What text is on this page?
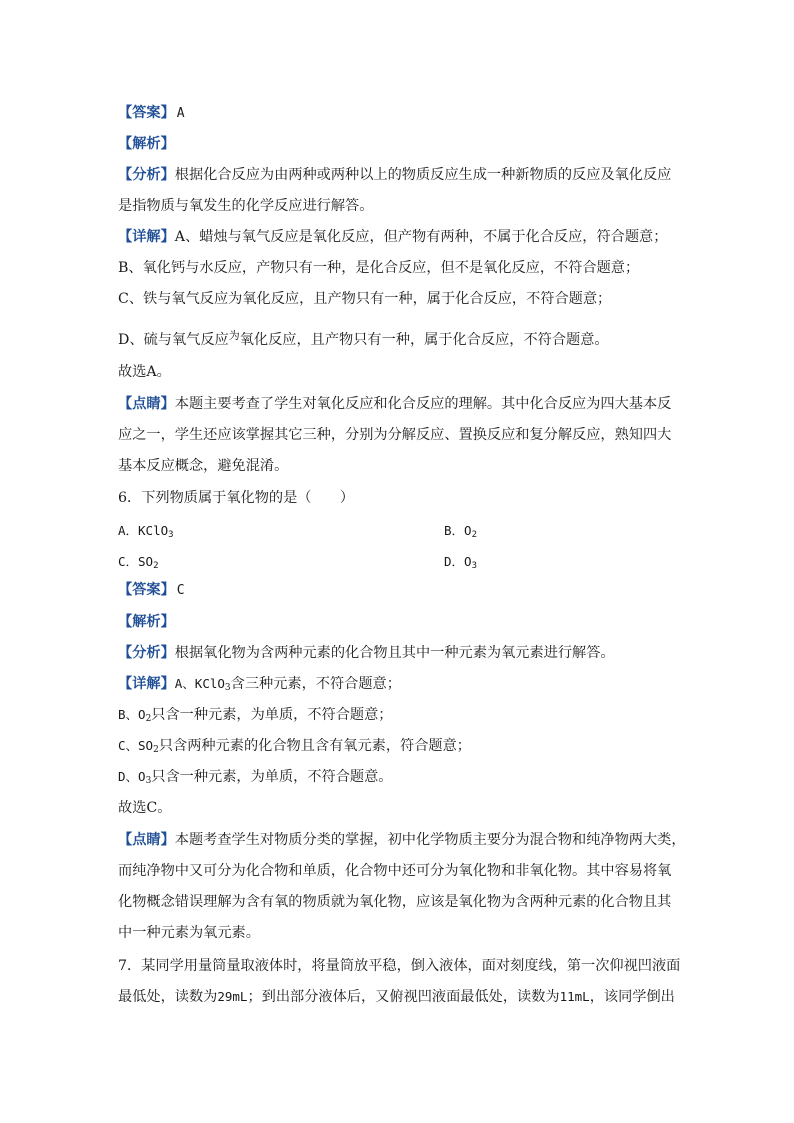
【答案】 A

【解析】

【分析】根据化合反应为由两种或两种以上的物质反应生成一种新物质的反应及氧化反应

是指物质与氧发生的化学反应进行解答。

【详解】A、蜡烛与氧气反应是氧化反应，但产物有两种，不属于化合反应，符合题意；

B、氧化钙与水反应，产物只有一种，是化合反应，但不是氧化反应，不符合题意；

C、铁与氧气反应为氧化反应，且产物只有一种，属于化合反应，不符合题意；

D、硫与氧气反应$^为$氧化反应，且产物只有一种，属于化合反应，不符合题意。

故选A。

【点睛】本题主要考查了学生对氧化反应和化合反应的理解。其中化合反应为四大基本反

应之一，学生还应该掌握其它三种，分别为分解反应、置换反应和复分解反应，熟知四大

基本反应概念，避免混淆。

6．下列物质属于氧化物的是（　　）

A．KClO$_3$	B．$O_2$
C．$SO_2$	D．$O_3$

【答案】 C

【解析】

【分析】根据氧化物为含两种元素的化合物且其中一种元素为氧元素进行解答。

【详解】A、KClO$_3$含三种元素，不符合题意；

B、$O_2$只含一种元素，为单质，不符合题意；

C、$SO_2$只含两种元素的化合物且含有氧元素，符合题意；

D、$O_3$只含一种元素，为单质，不符合题意。

故选C。

【点睛】本题考查学生对物质分类的掌握，初中化学物质主要分为混合物和纯净物两大类，

而纯净物中又可分为化合物和单质，化合物中还可分为氧化物和非氧化物。其中容易将氧

化物概念错误理解为含有氧的物质就为氧化物，应该是氧化物为含两种元素的化合物且其

中一种元素为氧元素。

7．某同学用量筒量取液体时，将量筒放平稳，倒入液体，面对刻度线，第一次仰视凹液面

最低处，读数为29mL；到出部分液体后，又俯视凹液面最低处，读数为11mL，该同学倒出
